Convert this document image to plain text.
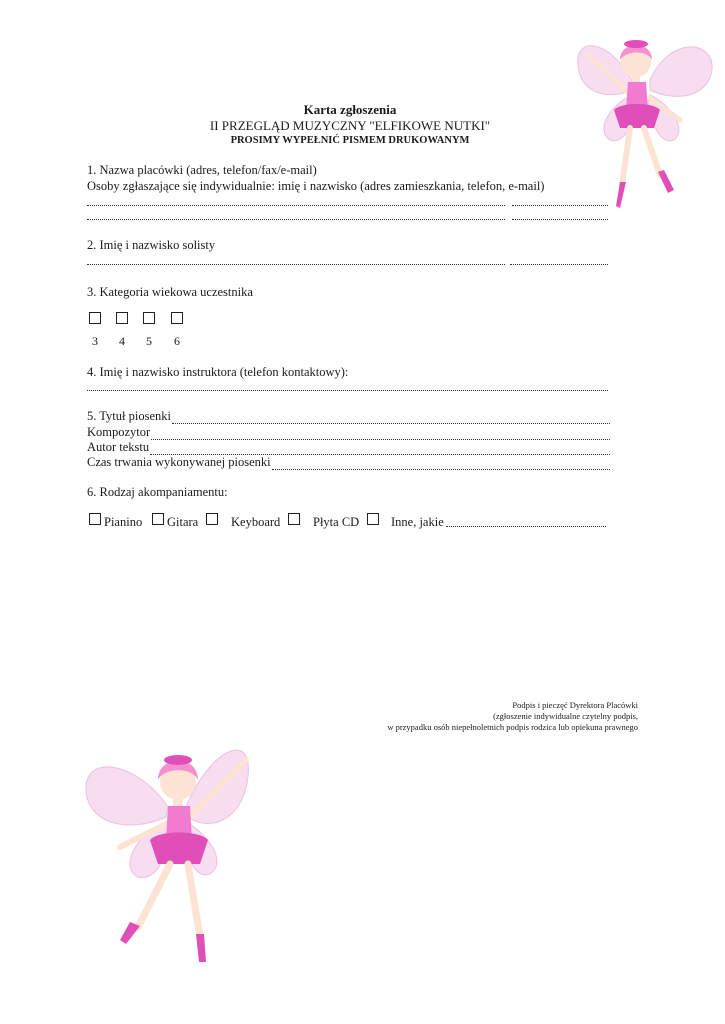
Karta zgłoszenia
II PRZEGLĄD MUZYCZNY "ELFIKOWE NUTKI"
PROSIMY WYPEŁNIĆ PISMEM DRUKOWANYM
1. Nazwa placówki (adres, telefon/fax/e-mail)
Osoby zgłaszające się indywidualnie: imię i nazwisko (adres zamieszkania, telefon, e-mail)
2. Imię i nazwisko solisty
3. Kategoria wiekowa uczestnika
3 4 5 6
4. Imię i nazwisko instruktora (telefon kontaktowy):
5. Tytuł piosenki
Kompozytor
Autor tekstu
Czas trwania wykonywanej piosenki
6. Rodzaj akompaniamentu:
Pianino Gitara	Keyboard	Płyta CD	Inne, jakie
Podpis i pieczęć Dyrektora Placówki
(zgłoszenie indywidualne czytelny podpis,
w przypadku osób niepełnoletnich podpis rodzica lub opiekuna prawnego
